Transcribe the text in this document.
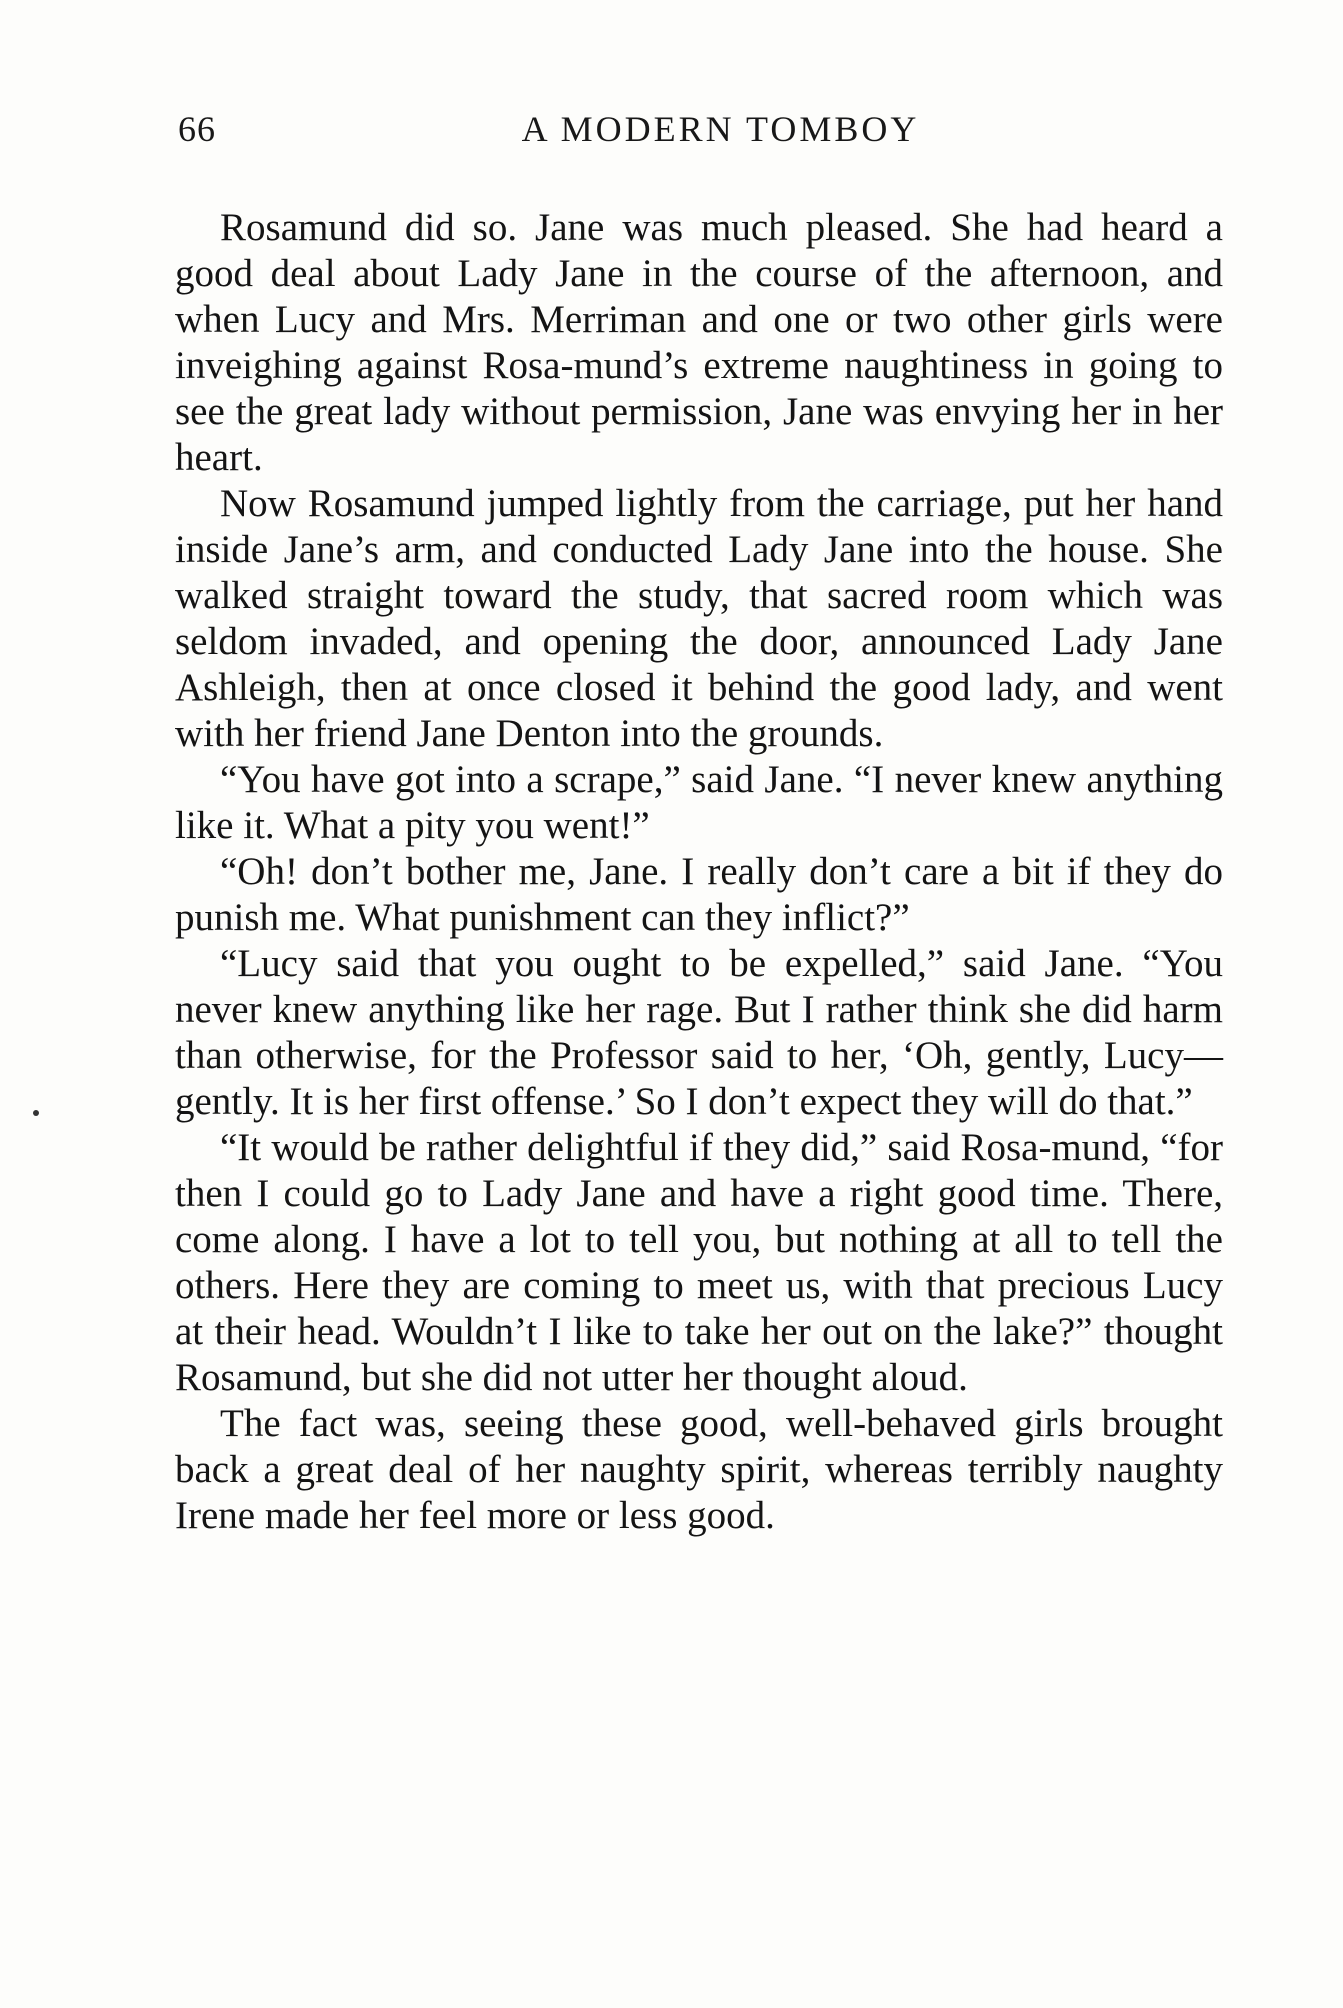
66	A MODERN TOMBOY

Rosamund did so. Jane was much pleased. She had heard a good deal about Lady Jane in the course of the afternoon, and when Lucy and Mrs. Merriman and one or two other girls were inveighing against Rosa-mund’s extreme naughtiness in going to see the great lady without permission, Jane was envying her in her heart.

Now Rosamund jumped lightly from the carriage, put her hand inside Jane’s arm, and conducted Lady Jane into the house. She walked straight toward the study, that sacred room which was seldom invaded, and opening the door, announced Lady Jane Ashleigh, then at once closed it behind the good lady, and went with her friend Jane Denton into the grounds.

“You have got into a scrape,” said Jane. “I never knew anything like it. What a pity you went!”

“Oh! don’t bother me, Jane. I really don’t care a bit if they do punish me. What punishment can they inflict?”

“Lucy said that you ought to be expelled,” said Jane. “You never knew anything like her rage. But I rather think she did harm than otherwise, for the Professor said to her, ‘Oh, gently, Lucy—gently. It is her first offense.’ So I don’t expect they will do that.”

“It would be rather delightful if they did,” said Rosa-mund, “for then I could go to Lady Jane and have a right good time. There, come along. I have a lot to tell you, but nothing at all to tell the others. Here they are coming to meet us, with that precious Lucy at their head. Wouldn’t I like to take her out on the lake?” thought Rosamund, but she did not utter her thought aloud.

The fact was, seeing these good, well-behaved girls brought back a great deal of her naughty spirit, whereas terribly naughty Irene made her feel more or less good.
